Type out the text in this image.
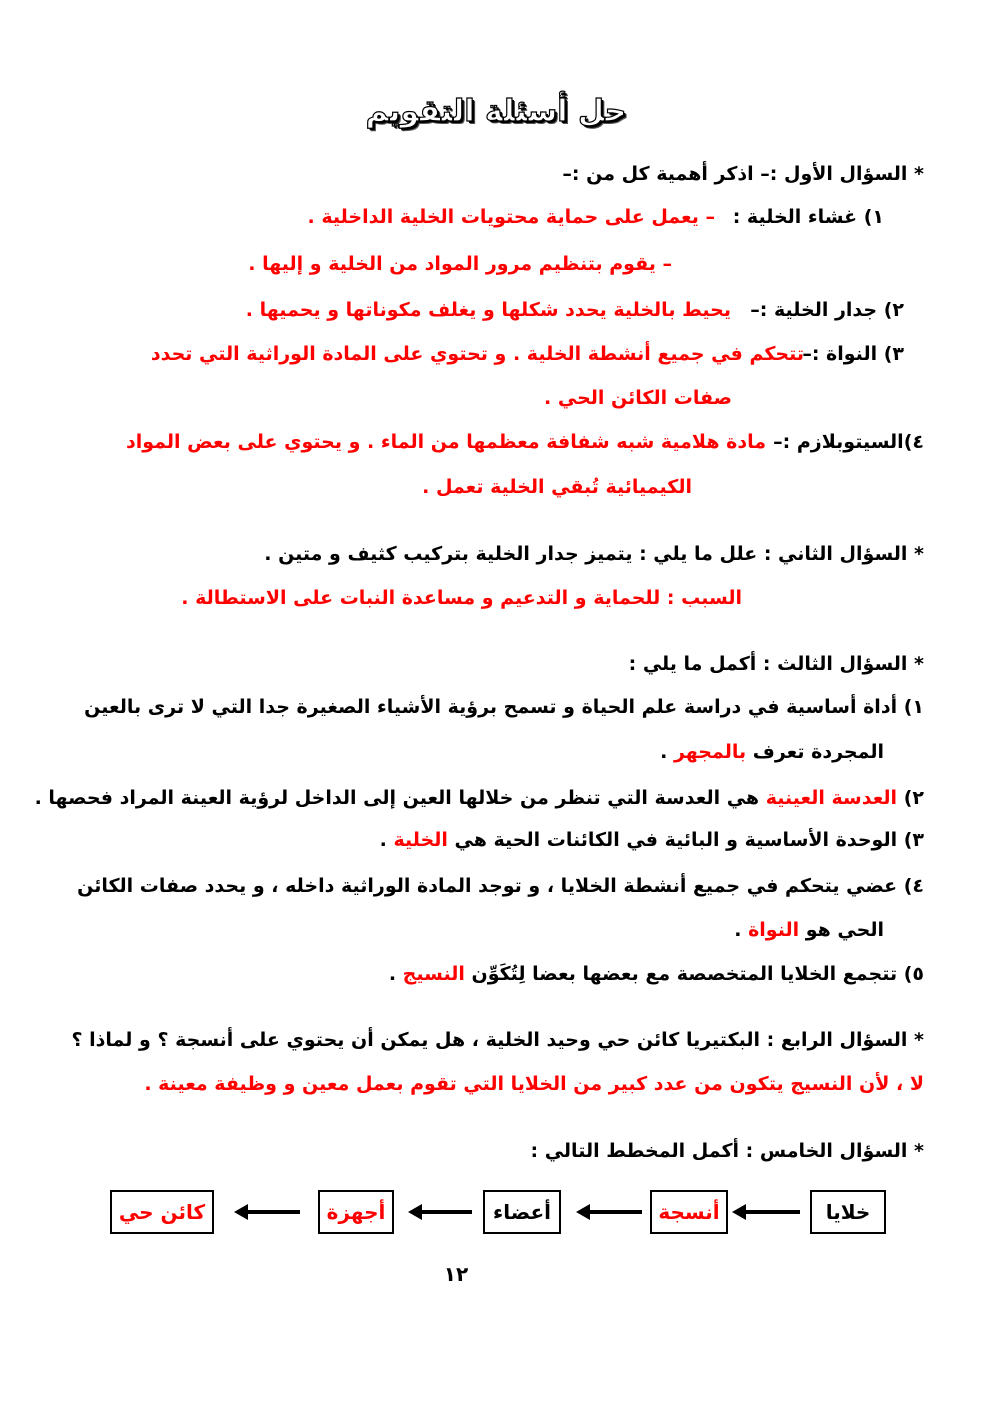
حل أسئلة التقويم
* السؤال الأول :– اذكر أهمية كل من :–
١) غشاء الخلية :
– يعمل على حماية محتويات الخلية الداخلية .
– يقوم بتنظيم مرور المواد من الخلية و إليها .
٢) جدار الخلية :–
يحيط بالخلية يحدد شكلها و يغلف مكوناتها و يحميها .
٣) النواة :–
تتحكم في جميع أنشطة الخلية . و تحتوي على المادة الوراثية التي تحدد
صفات الكائن الحي .
٤)السيتوبلازم :–
مادة هلامية شبه شفافة معظمها من الماء . و يحتوي على بعض المواد
الكيميائية تُبقي الخلية تعمل .
* السؤال الثاني : علل ما يلي : يتميز جدار الخلية بتركيب كثيف و متين .
السبب : للحماية و التدعيم و مساعدة النبات على الاستطالة .
* السؤال الثالث : أكمل ما يلي :
١) أداة أساسية في دراسة علم الحياة و تسمح برؤية الأشياء الصغيرة جدا التي لا ترى بالعين
المجردة تعرف بالمجهر .
٢) العدسة العينية هي العدسة التي تنظر من خلالها العين إلى الداخل لرؤية العينة المراد فحصها .
٣) الوحدة الأساسية و البائية في الكائنات الحية هي الخلية .
٤) عضي يتحكم في جميع أنشطة الخلايا ، و توجد المادة الوراثية داخله ، و يحدد صفات الكائن
الحي هو النواة .
٥) تتجمع الخلايا المتخصصة مع بعضها بعضا لِتُكَوِّن النسيج .
* السؤال الرابع : البكتيريا كائن حي وحيد الخلية ، هل يمكن أن يحتوي على أنسجة ؟ و لماذا ؟
لا ، لأن النسيج يتكون من عدد كبير من الخلايا التي تقوم بعمل معين و وظيفة معينة .
* السؤال الخامس : أكمل المخطط التالي :
خلايا
أنسجة
أعضاء
أجهزة
كائن حي
١٢
